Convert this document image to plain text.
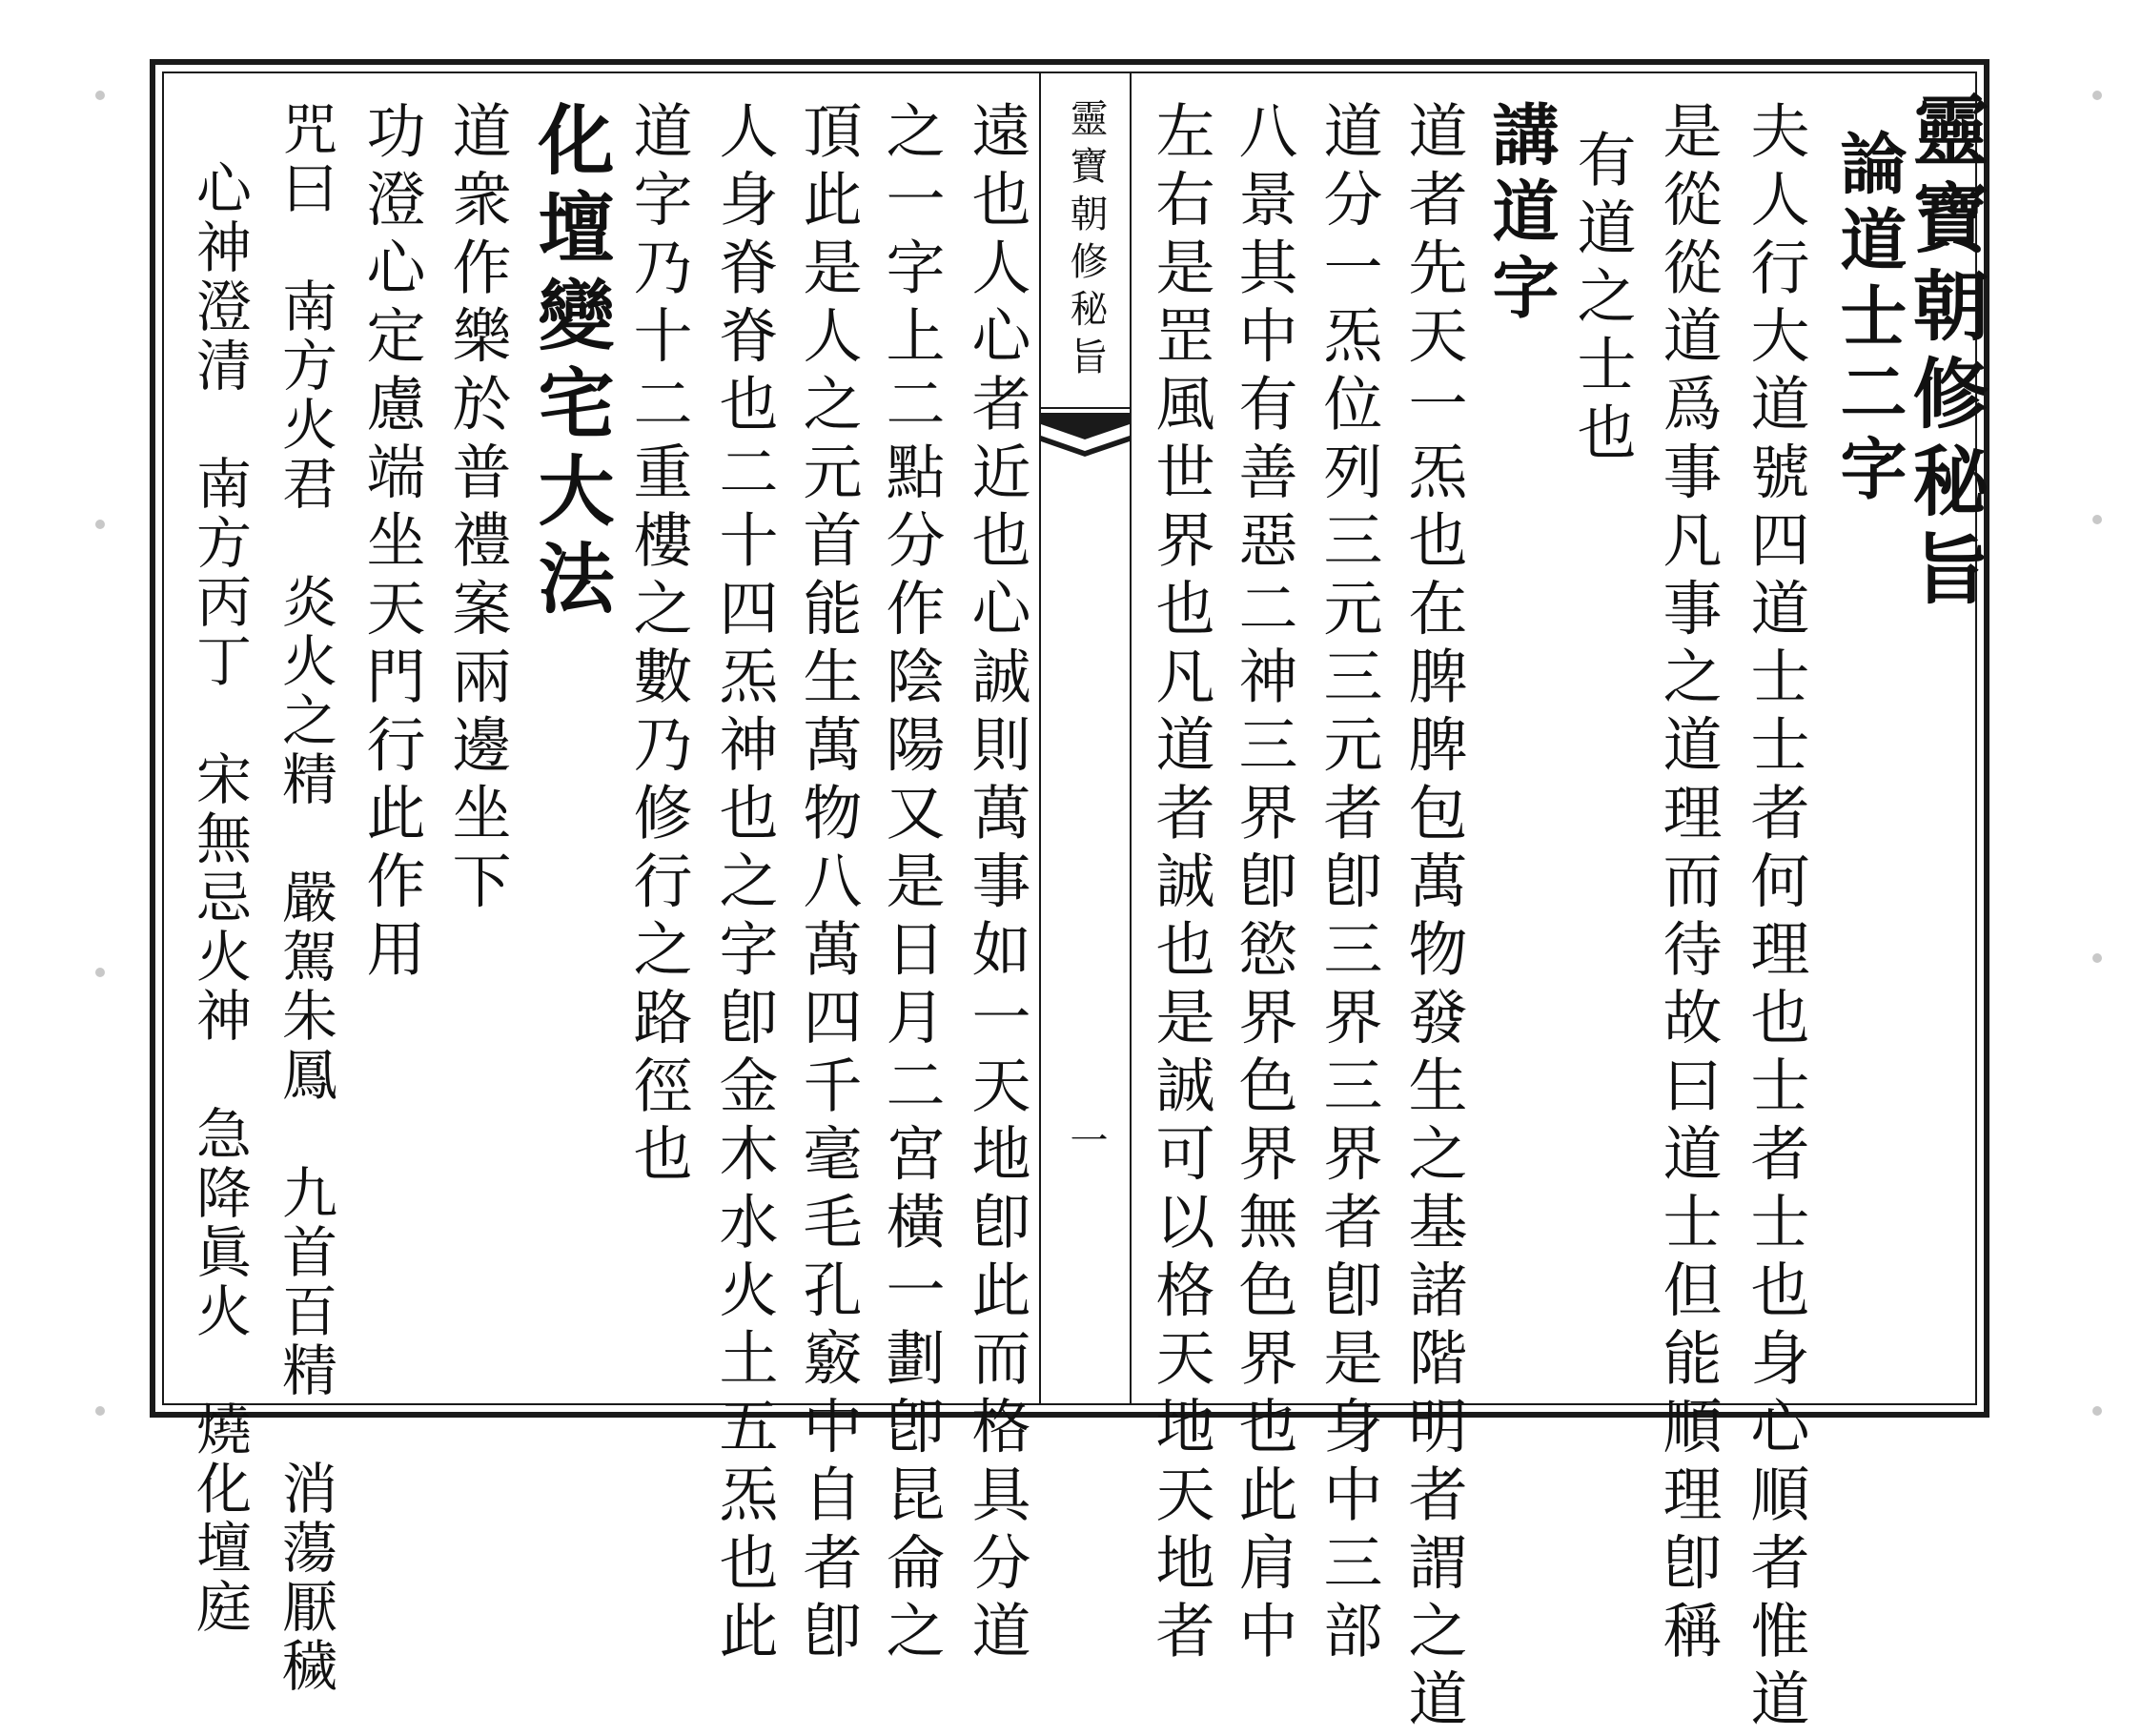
靈寶朝修秘旨
一
靈寶朝修秘旨
論道士二字
夫人行大道號四道士士者何理也士者士也身心順者惟道
是從從道爲事凡事之道理而待故曰道士但能順理卽稱
有道之士也
講道字
道者先天一炁也在脾脾包萬物發生之基諸階明者謂之道
道分一炁位列三元三元者卽三界三界者卽是身中三部
八景其中有善惡二神三界卽慾界色界無色界也此肩中
左右是罡風世界也凡道者誠也是誠可以格天地天地者
遠也人心者近也心誠則萬事如一天地卽此而格具分道
之一字上二點分作陰陽又是日月二宮橫一劃卽昆侖之
頂此是人之元首能生萬物八萬四千毫毛孔竅中自者卽
人身脊脊也二十四炁神也之字卽金木水火土五炁也此
道字乃十二重樓之數乃修行之路徑也
化壇變宅大法
道衆作樂於普禮案兩邊坐下
功澄心定慮端坐天門行此作用
咒曰　南方火君　炎火之精　嚴駕朱鳳　九首百精　消蕩厭穢
　心神澄清　南方丙丁　宋無忌火神　急降眞火　燒化壇庭
